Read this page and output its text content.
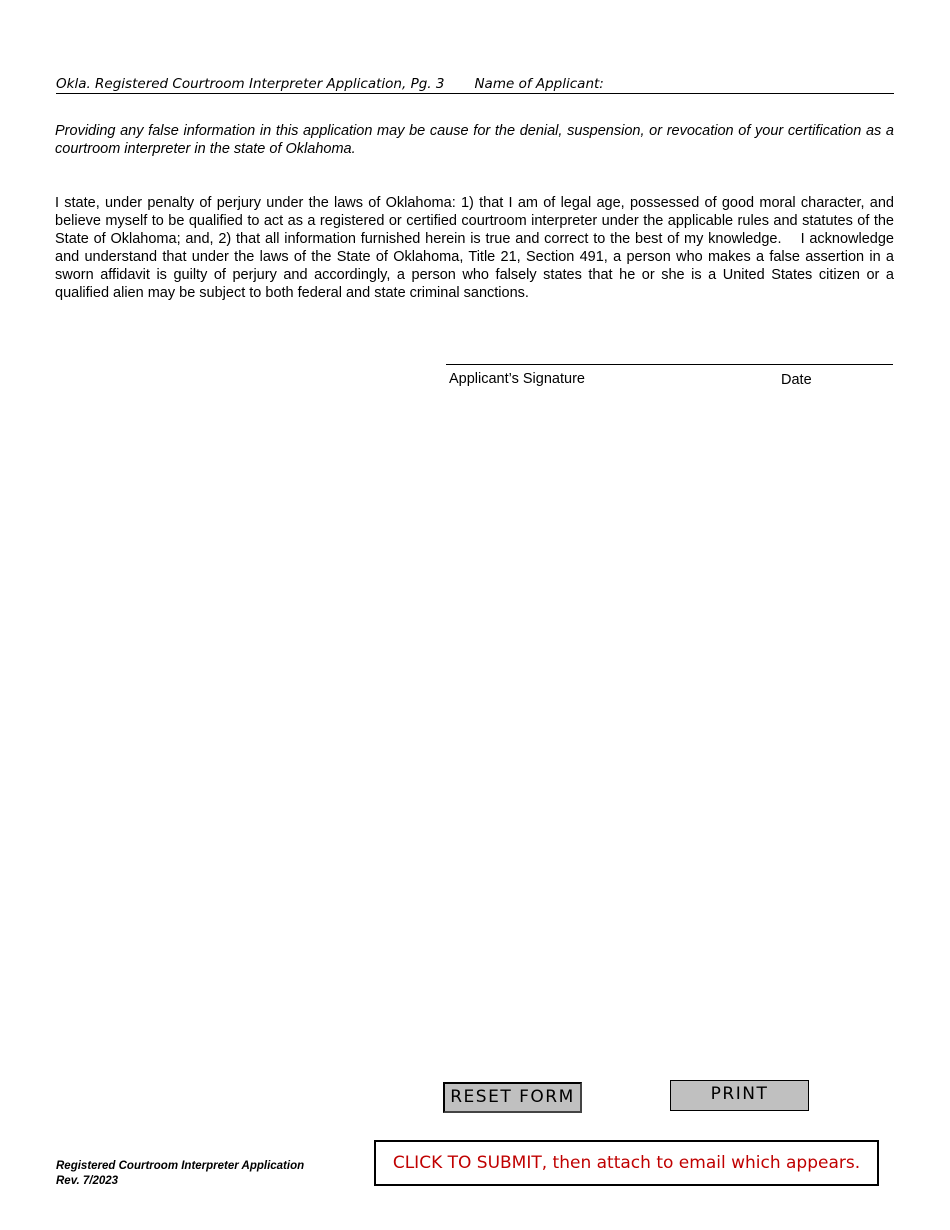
Okla. Registered Courtroom Interpreter Application, Pg. 3 Name of Applicant:
Providing any false information in this application may be cause for the denial, suspension, or revocation of your certification as a courtroom interpreter in the state of Oklahoma.
I state, under penalty of perjury under the laws of Oklahoma: 1) that I am of legal age, possessed of good moral character, and believe myself to be qualified to act as a registered or certified courtroom interpreter under the applicable rules and statutes of the State of Oklahoma; and, 2) that all information furnished herein is true and correct to the best of my knowledge. I acknowledge and understand that under the laws of the State of Oklahoma, Title 21, Section 491, a person who makes a false assertion in a sworn affidavit is guilty of perjury and accordingly, a person who falsely states that he or she is a United States citizen or a qualified alien may be subject to both federal and state criminal sanctions.
Applicant’s Signature	Date
RESET FORM	PRINT
CLICK TO SUBMIT, then attach to email which appears.
Registered Courtroom Interpreter Application
Rev. 7/2023
